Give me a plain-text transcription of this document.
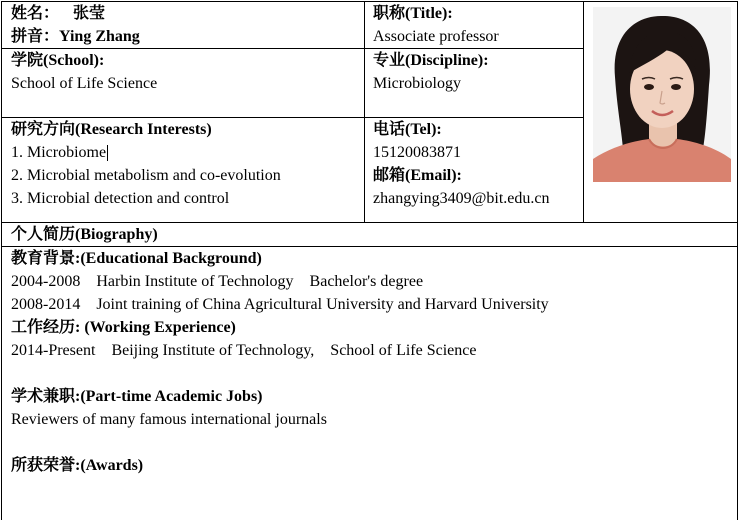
姓名： 张莹
拼音：Ying Zhang
职称(Title):
Associate professor
学院(School):
School of Life Science
专业(Discipline):
Microbiology
研究方向(Research Interests)
1. Microbiome
2. Microbial metabolism and co-evolution
3. Microbial detection and control
电话(Tel):
15120083871
邮箱(Email):
zhangying3409@bit.edu.cn
个人简历(Biography)
教育背景:(Educational Background)
2004-2008 Harbin Institute of Technology Bachelor's degree
2008-2014 Joint training of China Agricultural University and Harvard University
工作经历: (Working Experience)
2014-Present Beijing Institute of Technology, School of Life Science
学术兼职:(Part-time Academic Jobs)
Reviewers of many famous international journals
所获荣誉:(Awards)
